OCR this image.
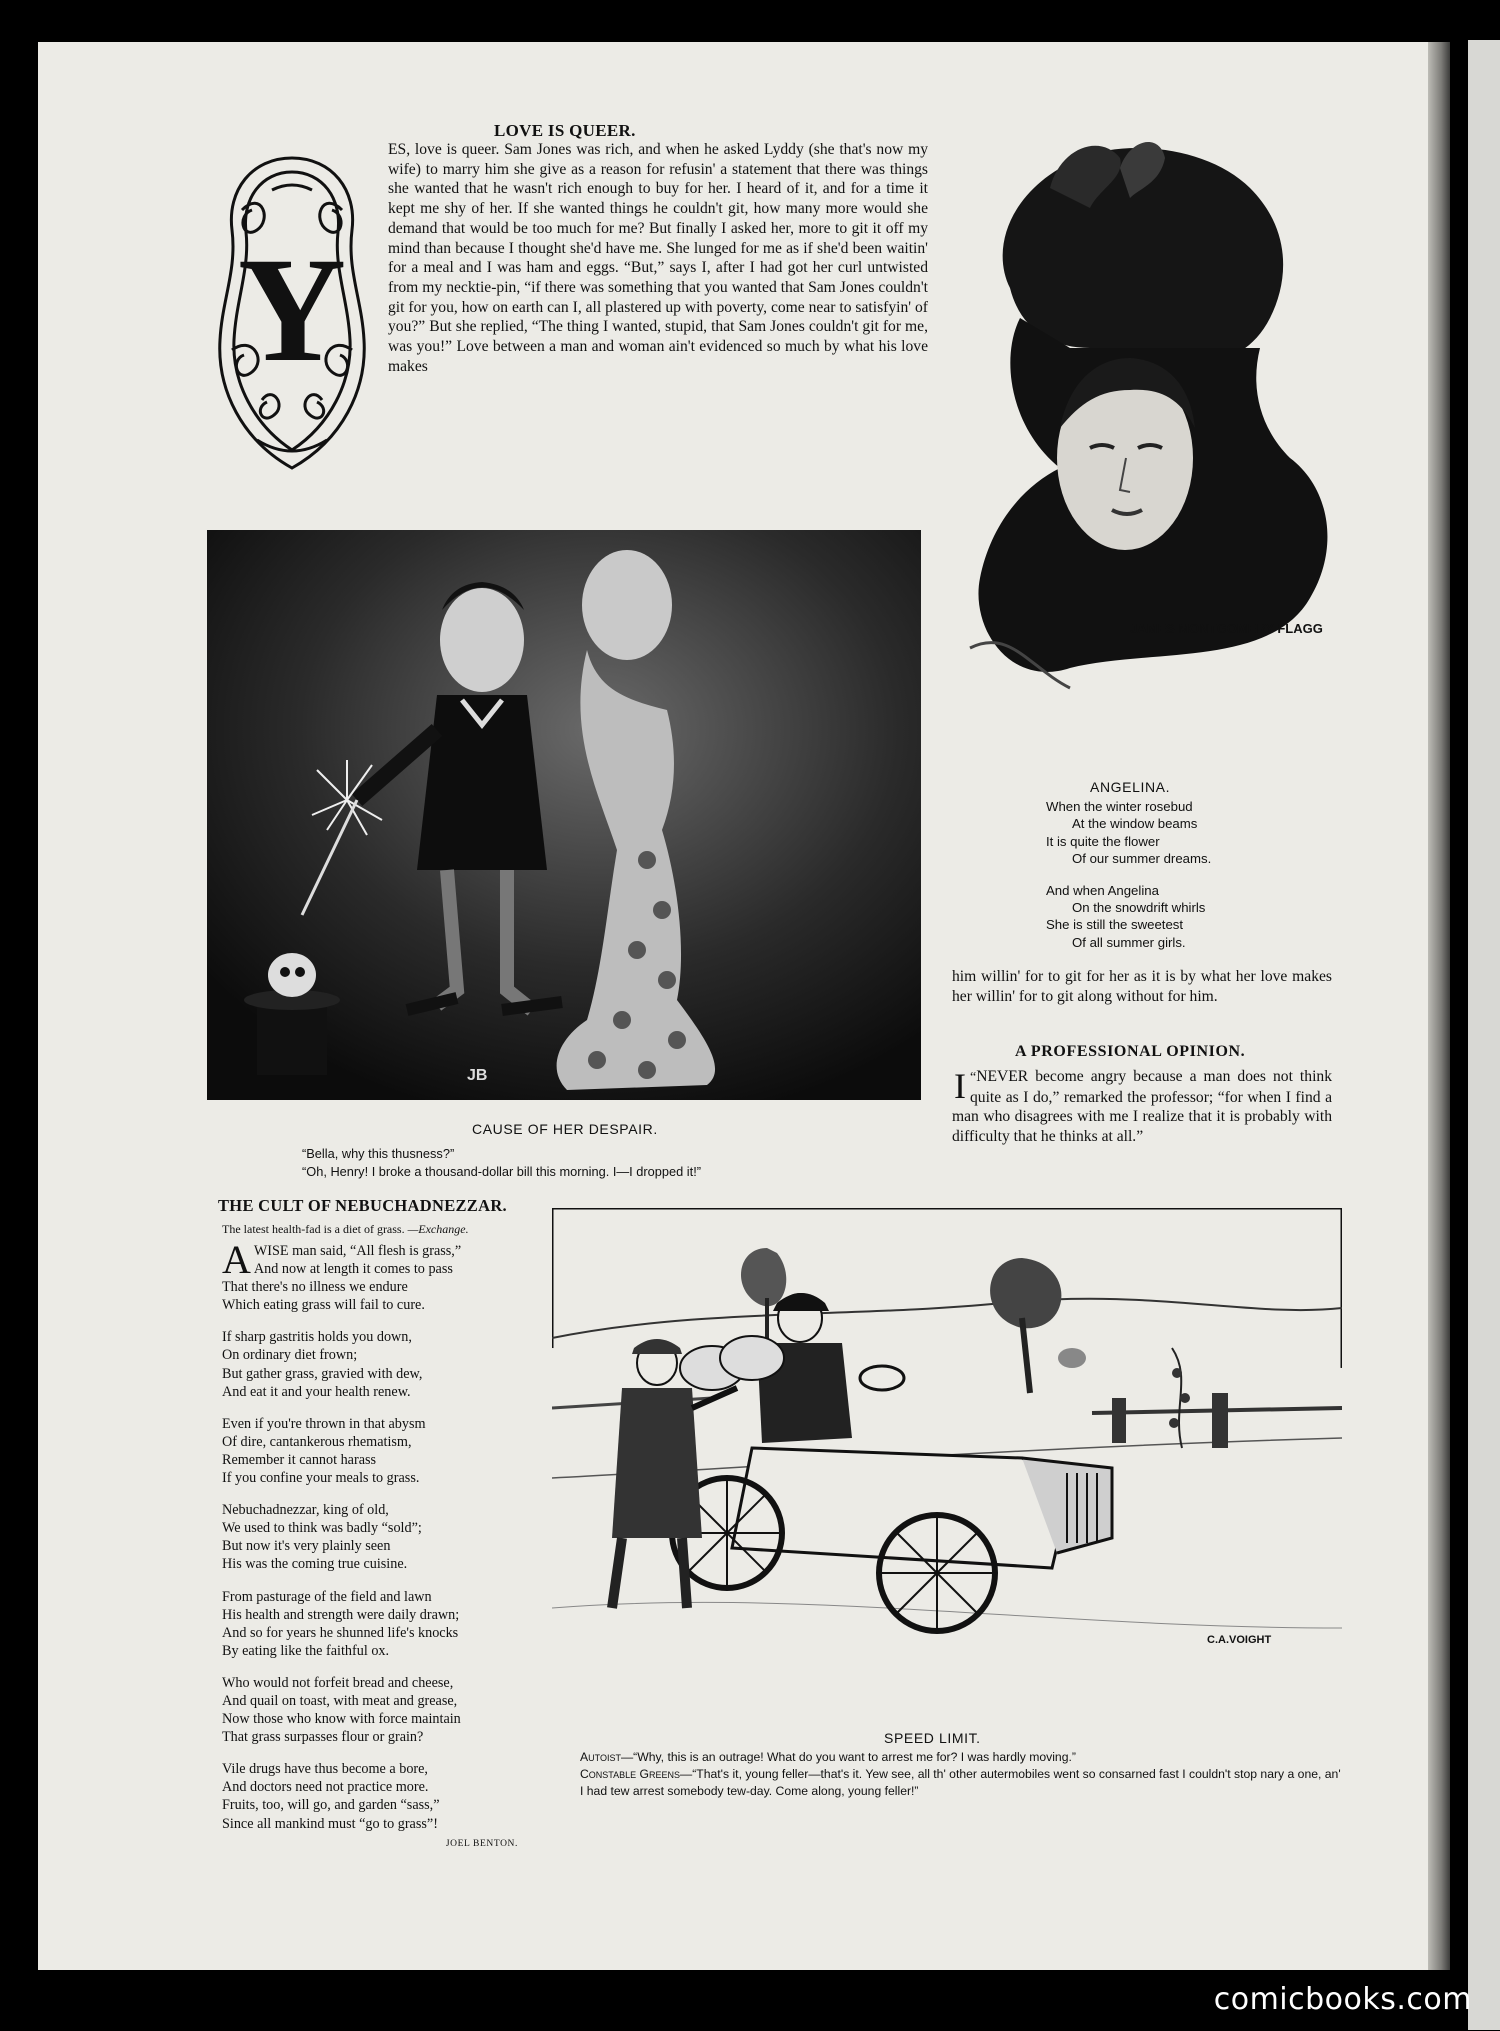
LOVE IS QUEER.
Y

ES, love is queer. Sam Jones was rich, and when he asked Lyddy (she that's now my wife) to marry him she give as a reason for refusin' a statement that there was things she wanted that he wasn't rich enough to buy for her. I heard of it, and for a time it kept me shy of her. If she wanted things he couldn't git, how many more would she demand that would be too much for me? But finally I asked her, more to git it off my mind than because I thought she'd have me. She lunged for me as if she'd been waitin' for a meal and I was ham and eggs. “But,” says I, after I had got her curl untwisted from my necktie-pin, “if there was something that you wanted that Sam Jones couldn't git for you, how on earth can I, all plastered up with poverty, come near to satisfyin' of you?” But she replied, “The thing I wanted, stupid, that Sam Jones couldn't git for me, was you!” Love between a man and woman ain't evidenced so much by what his love makes

JAMES MONTGOMERY FLAGG
ANGELINA.
When the winter rosebud
At the window beams
It is quite the flower
Of our summer dreams.
And when Angelina
On the snowdrift whirls
She is still the sweetest
Of all summer girls.
JB
CAUSE OF HER DESPAIR.
“Bella, why this thusness?”
“Oh, Henry! I broke a thousand-dollar bill this morning. I—I dropped it!”

him willin' for to git for her as it is by what her love makes her willin' for to git along without for him.

A PROFESSIONAL OPINION.
“
I NEVER become angry because a man does not think quite as I do,” remarked the professor; “for when I find a man who disagrees with me I realize that it is probably with difficulty that he thinks at all.”
THE CULT OF NEBUCHADNEZZAR.
The latest health-fad is a diet of grass. —Exchange.
AWISE man said, “All flesh is grass,”
And now at length it comes to pass
That there's no illness we endure
Which eating grass will fail to cure.
If sharp gastritis holds you down,
On ordinary diet frown;
But gather grass, gravied with dew,
And eat it and your health renew.
Even if you're thrown in that abysm
Of dire, cantankerous rhematism,
Remember it cannot harass
If you confine your meals to grass.
Nebuchadnezzar, king of old,
We used to think was badly “sold”;
But now it's very plainly seen
His was the coming true cuisine.
From pasturage of the field and lawn
His health and strength were daily drawn;
And so for years he shunned life's knocks
By eating like the faithful ox.
Who would not forfeit bread and cheese,
And quail on toast, with meat and grease,
Now those who know with force maintain
That grass surpasses flour or grain?
Vile drugs have thus become a bore,
And doctors need not practice more.
Fruits, too, will go, and garden “sass,”
Since all mankind must “go to grass”!
JOEL BENTON.
C.A.VOIGHT
SPEED LIMIT.
Autoist—“Why, this is an outrage! What do you want to arrest me for? I was hardly moving.”
Constable Greens—“That's it, young feller—that's it. Yew see, all th' other autermobiles went so consarned fast I couldn't stop nary a one, an' I had tew arrest somebody tew-day. Come along, young feller!”
comicbooks.com
